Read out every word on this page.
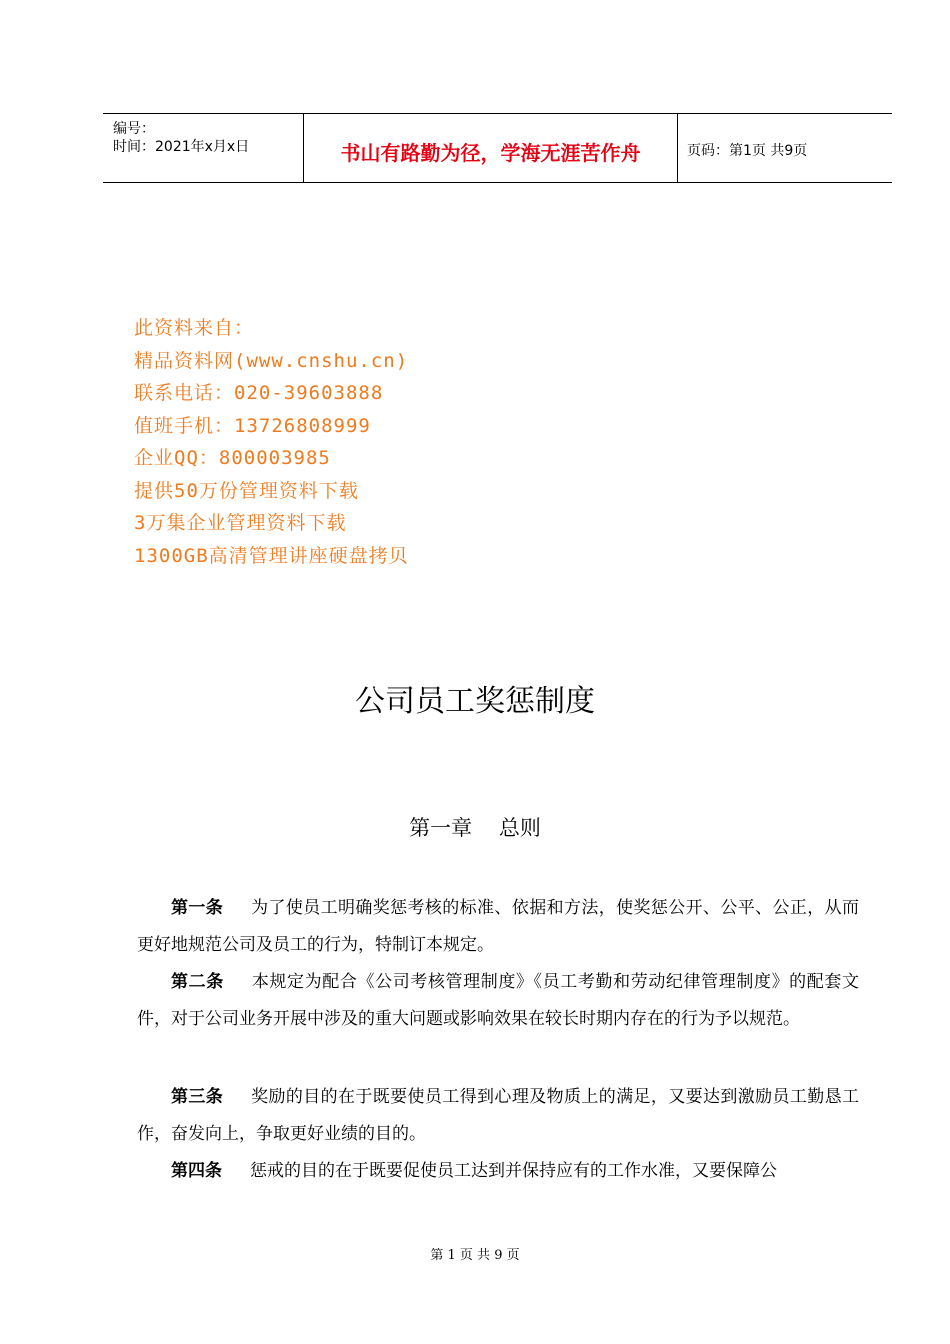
编号：
时间：2021年x月x日	书山有路勤为径，学海无涯苦作舟	页码：第1页 共9页
此资料来自：
精品资料网(www.cnshu.cn)
联系电话：020-39603888
值班手机：13726808999
企业QQ：800003985
提供50万份管理资料下载
3万集企业管理资料下载
1300GB高清管理讲座硬盘拷贝
公司员工奖惩制度
第一章    总则
第一条 为了使员工明确奖惩考核的标准、依据和方法，使奖惩公开、公平、公正，从而更好地规范公司及员工的行为，特制订本规定。
第二条 本规定为配合《公司考核管理制度》《员工考勤和劳动纪律管理制度》的配套文件，对于公司业务开展中涉及的重大问题或影响效果在较长时期内存在的行为予以规范。
第三条 奖励的目的在于既要使员工得到心理及物质上的满足，又要达到激励员工勤恳工作，奋发向上，争取更好业绩的目的。
第四条 惩戒的目的在于既要促使员工达到并保持应有的工作水准，又要保障公
第 1 页 共 9 页
